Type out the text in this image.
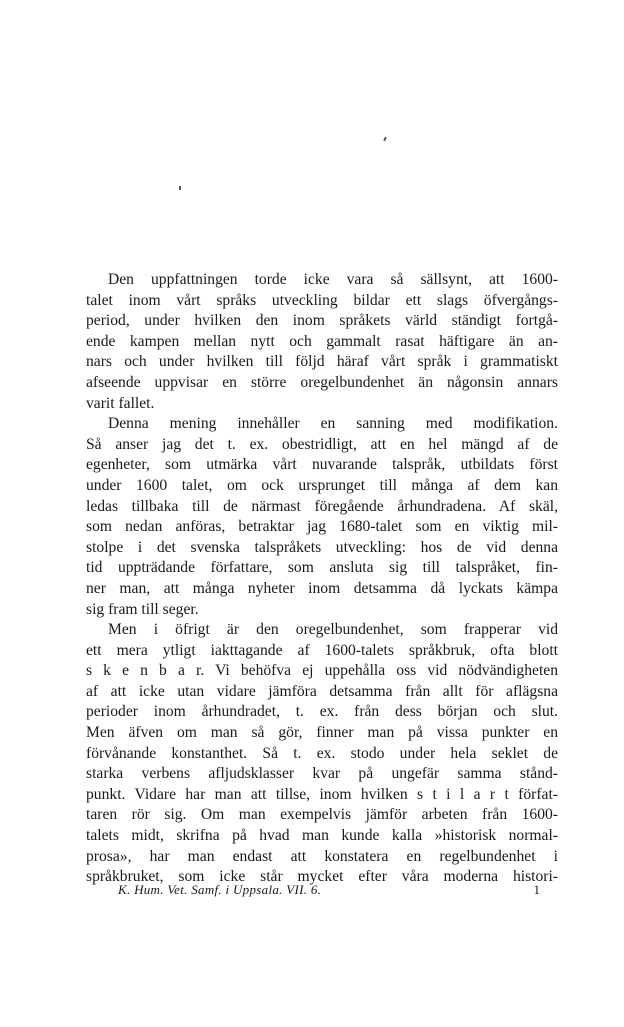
Den uppfattningen torde icke vara så sällsynt, att 1600-
talet inom vårt språks utveckling bildar ett slags öfvergångs-
period, under hvilken den inom språkets värld ständigt fortgå-
ende kampen mellan nytt och gammalt rasat häftigare än an-
nars och under hvilken till följd häraf vårt språk i grammatiskt
afseende uppvisar en större oregelbundenhet än någonsin annars
varit fallet.
Denna mening innehåller en sanning med modifikation.
Så anser jag det t. ex. obestridligt, att en hel mängd af de
egenheter, som utmärka vårt nuvarande talspråk, utbildats först
under 1600 talet, om ock ursprunget till många af dem kan
ledas tillbaka till de närmast föregående århundradena. Af skäl,
som nedan anföras, betraktar jag 1680-talet som en viktig mil-
stolpe i det svenska talspråkets utveckling: hos de vid denna
tid uppträdande författare, som ansluta sig till talspråket, fin-
ner man, att många nyheter inom detsamma då lyckats kämpa
sig fram till seger.
Men i öfrigt är den oregelbundenhet, som frapperar vid
ett mera ytligt iakttagande af 1600-talets språkbruk, ofta blott
s k e n b a r. Vi behöfva ej uppehålla oss vid nödvändigheten
af att icke utan vidare jämföra detsamma från allt för aflägsna
perioder inom århundradet, t. ex. från dess början och slut.
Men äfven om man så gör, finner man på vissa punkter en
förvånande konstanthet. Så t. ex. stodo under hela seklet de
starka verbens afljudsklasser kvar på ungefär samma stånd-
punkt. Vidare har man att tillse, inom hvilken s t i l a r t förfat-
taren rör sig. Om man exempelvis jämför arbeten från 1600-
talets midt, skrifna på hvad man kunde kalla »historisk normal-
prosa», har man endast att konstatera en regelbundenhet i
språkbruket, som icke står mycket efter våra moderna histori-
K. Hum. Vet. Samf. i Uppsala. VII. 6.	1
